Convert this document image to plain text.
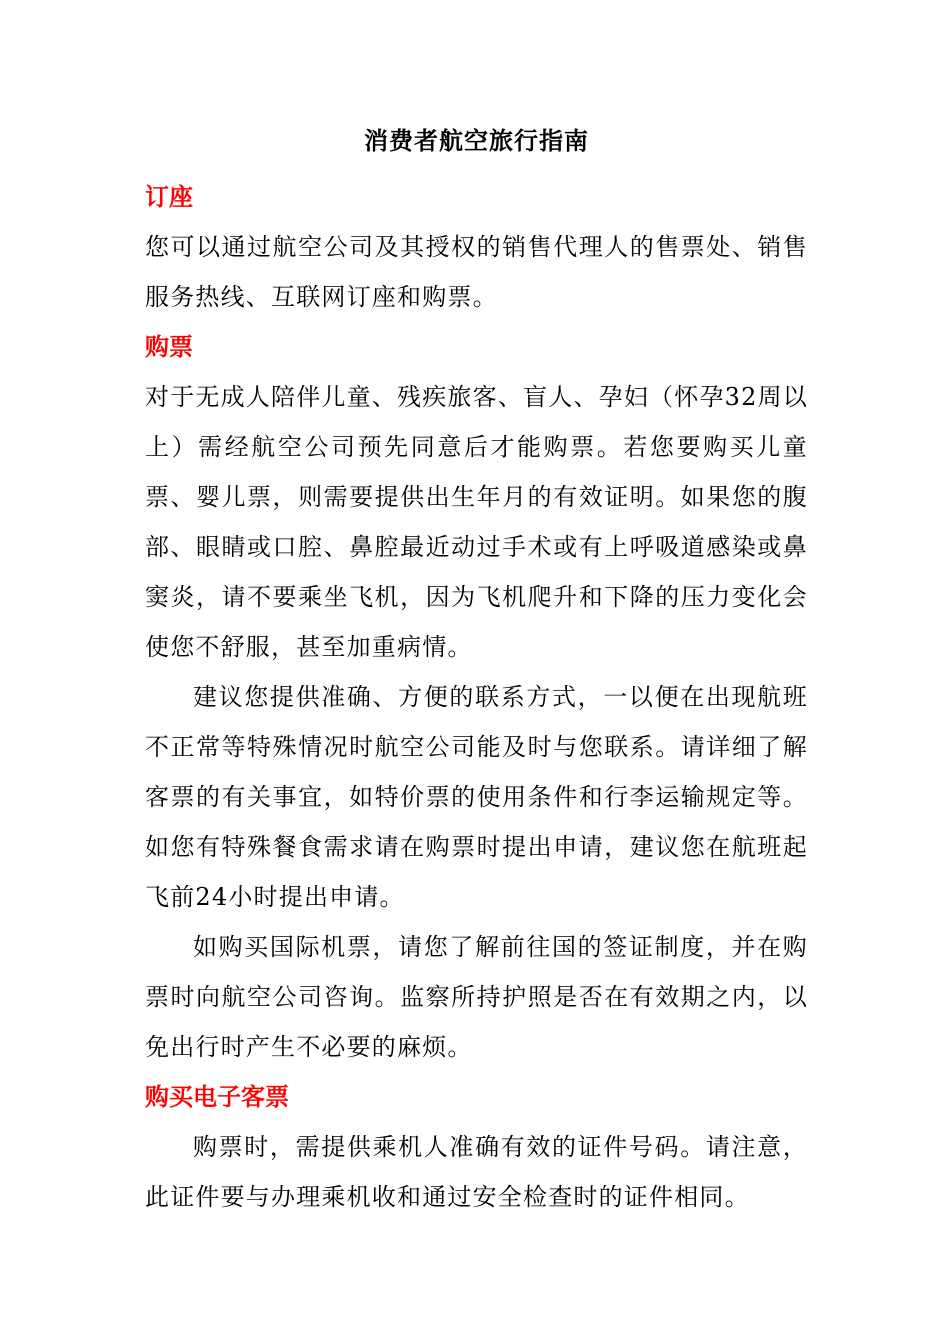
消费者航空旅行指南
订座

您可以通过航空公司及其授权的销售代理人的售票处、销售服务热线、互联网订座和购票。

购票

对于无成人陪伴儿童、残疾旅客、盲人、孕妇（怀孕32周以上）需经航空公司预先同意后才能购票。若您要购买儿童票、婴儿票，则需要提供出生年月的有效证明。如果您的腹部、眼睛或口腔、鼻腔最近动过手术或有上呼吸道感染或鼻窦炎，请不要乘坐飞机，因为飞机爬升和下降的压力变化会使您不舒服，甚至加重病情。

建议您提供准确、方便的联系方式，一以便在出现航班不正常等特殊情况时航空公司能及时与您联系。请详细了解客票的有关事宜，如特价票的使用条件和行李运输规定等。如您有特殊餐食需求请在购票时提出申请，建议您在航班起飞前24小时提出申请。

如购买国际机票，请您了解前往国的签证制度，并在购票时向航空公司咨询。监察所持护照是否在有效期之内，以免出行时产生不必要的麻烦。

购买电子客票

购票时，需提供乘机人准确有效的证件号码。请注意，此证件要与办理乘机收和通过安全检查时的证件相同。
